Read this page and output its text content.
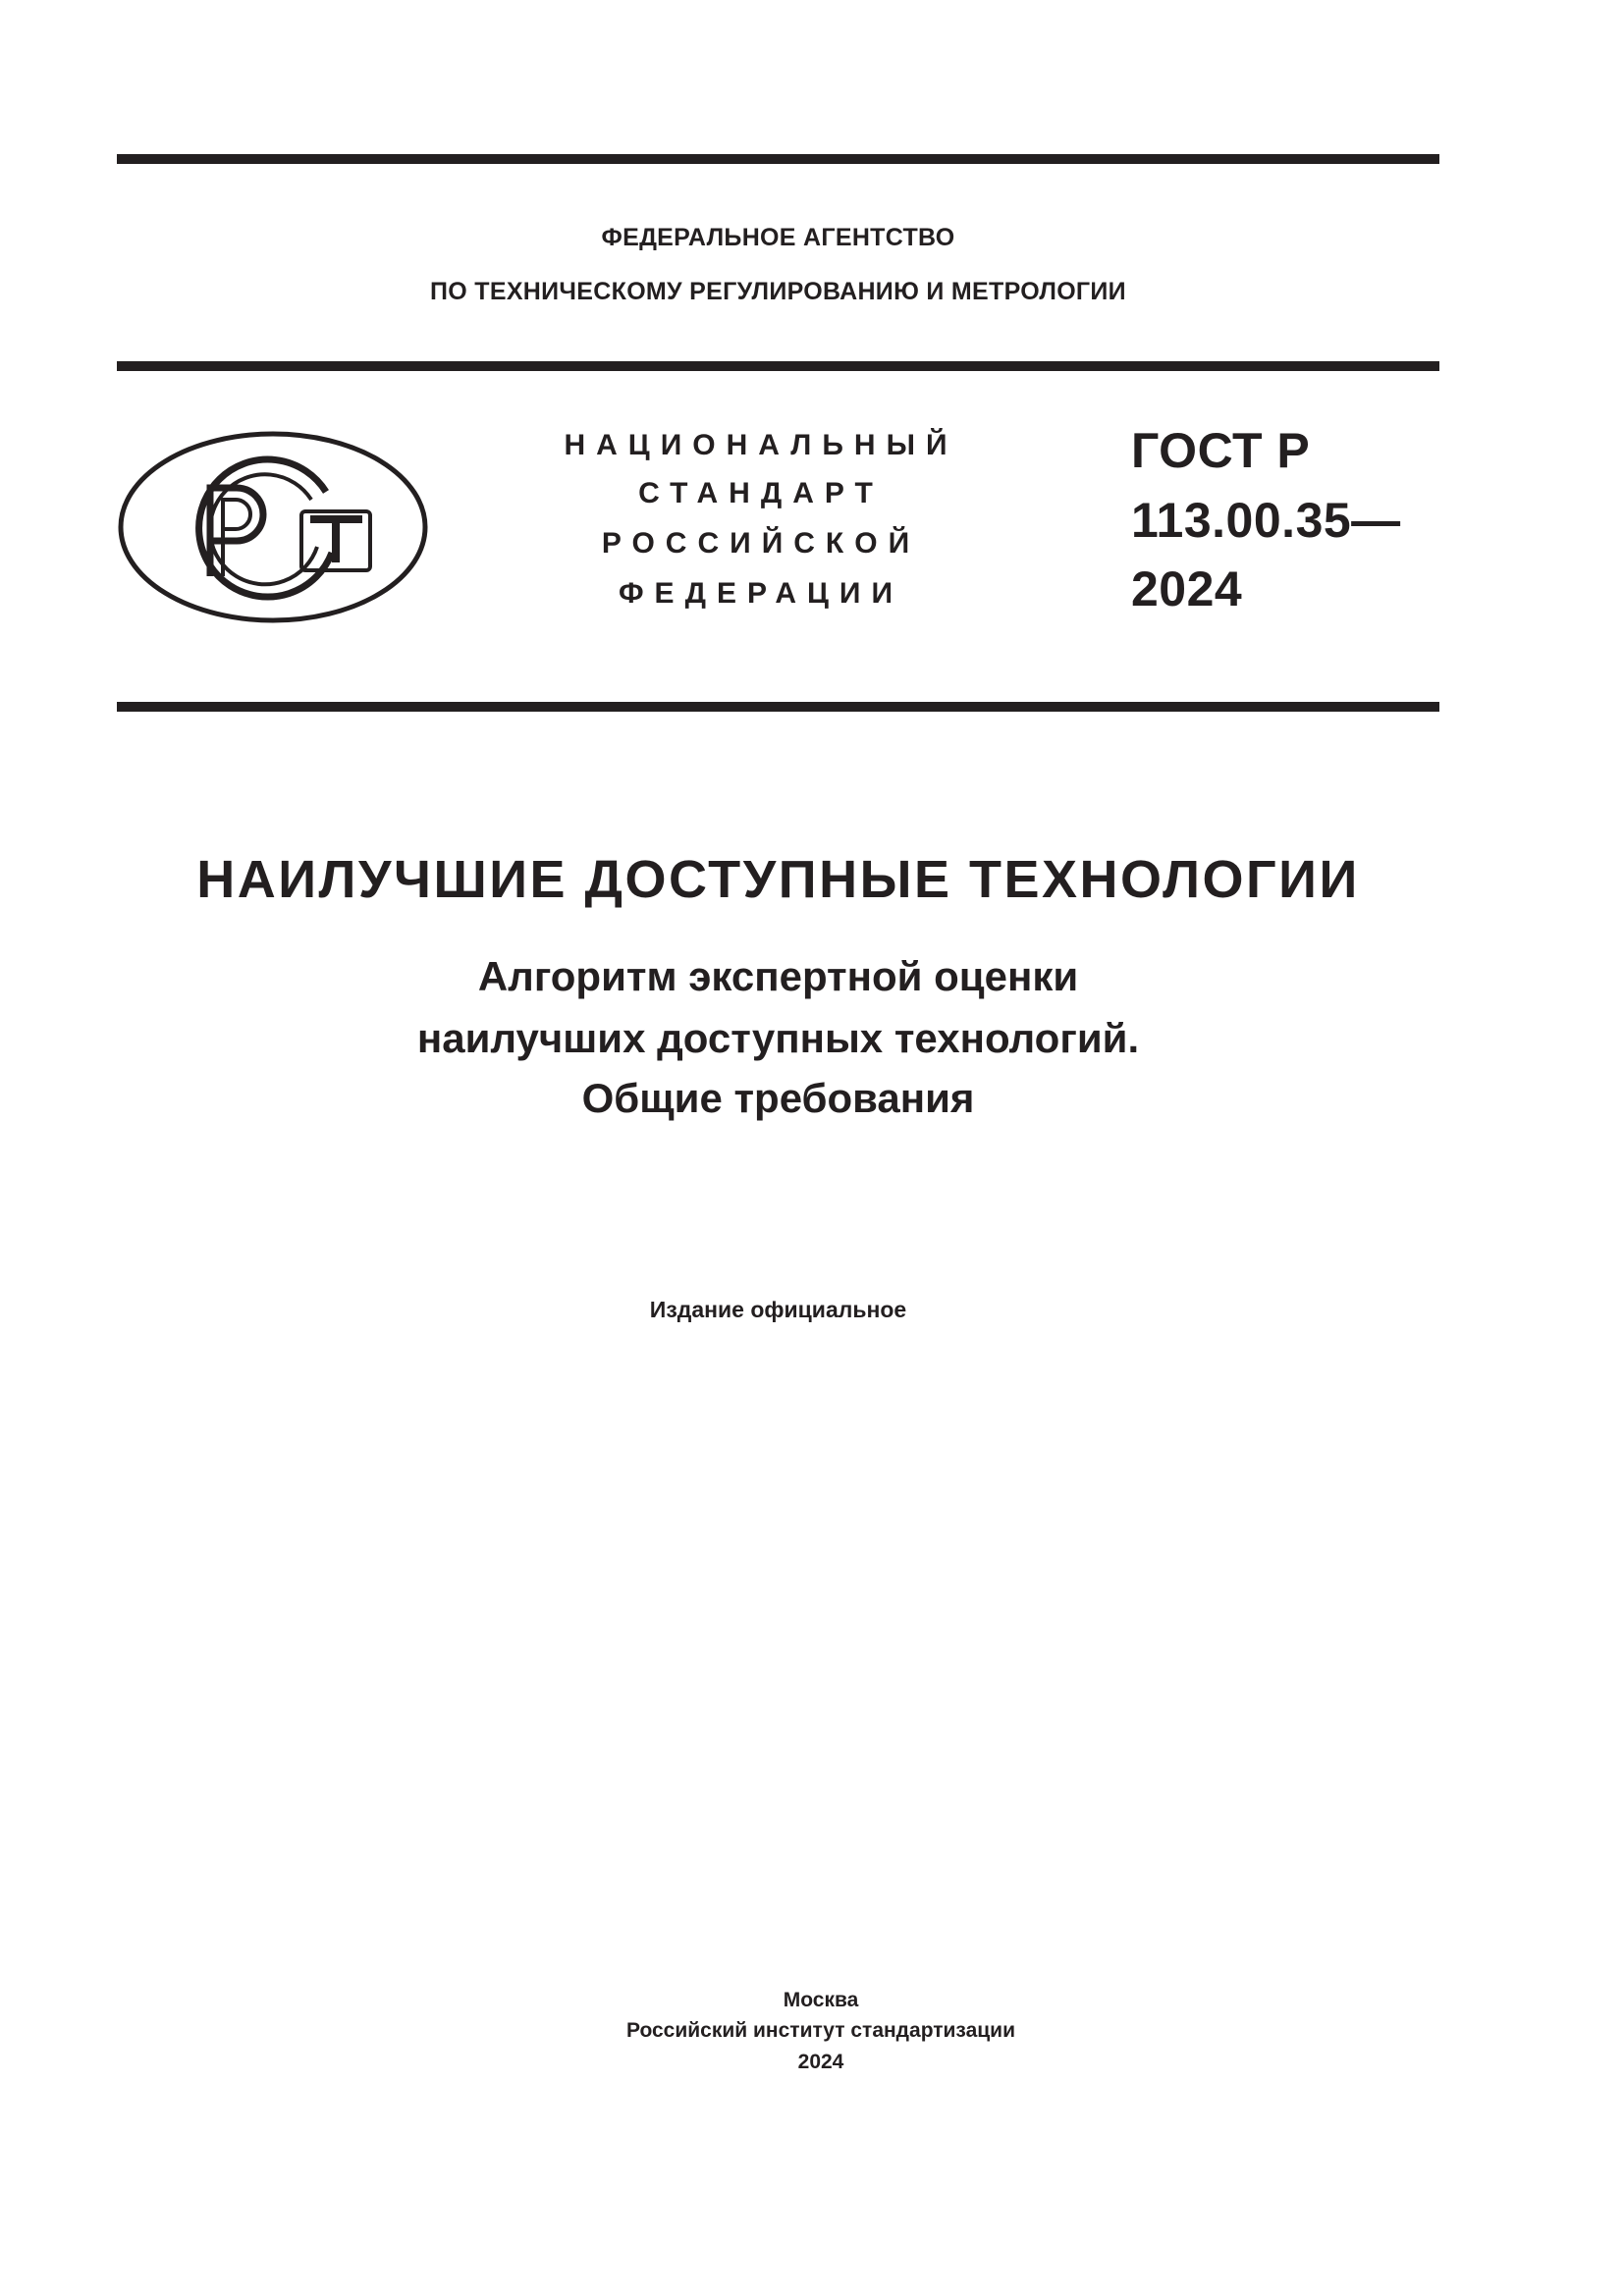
ФЕДЕРАЛЬНОЕ АГЕНТСТВО
ПО ТЕХНИЧЕСКОМУ РЕГУЛИРОВАНИЮ И МЕТРОЛОГИИ
НАЦИОНАЛЬНЫЙ
СТАНДАРТ
РОССИЙСКОЙ
ФЕДЕРАЦИИ
ГОСТ Р
113.00.35—
2024
НАИЛУЧШИЕ ДОСТУПНЫЕ ТЕХНОЛОГИИ
Алгоритм экспертной оценки
наилучших доступных технологий.
Общие требования
Издание официальное
Москва
Российский институт стандартизации
2024
